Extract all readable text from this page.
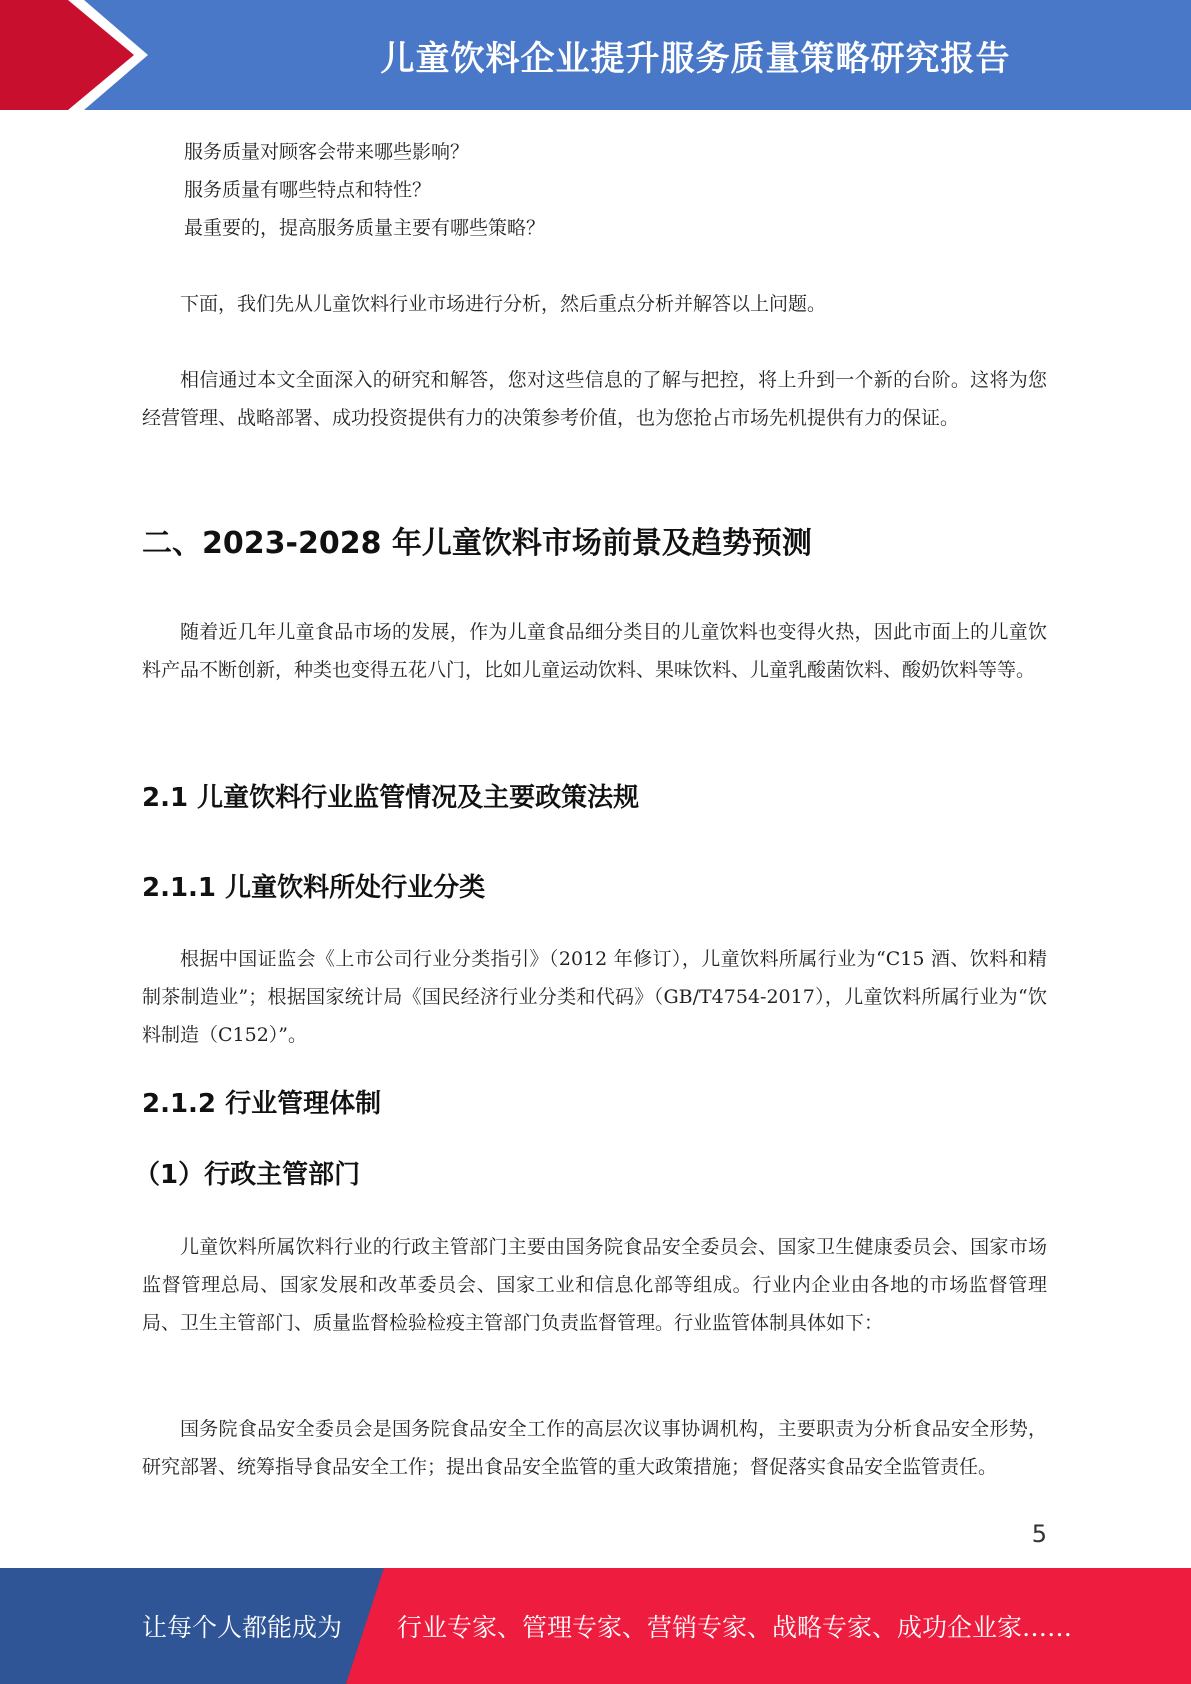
儿童饮料企业提升服务质量策略研究报告
服务质量对顾客会带来哪些影响？
服务质量有哪些特点和特性？
最重要的，提高服务质量主要有哪些策略？
下面，我们先从儿童饮料行业市场进行分析，然后重点分析并解答以上问题。
相信通过本文全面深入的研究和解答，您对这些信息的了解与把控，将上升到一个新的台阶。这将为您经营管理、战略部署、成功投资提供有力的决策参考价值，也为您抢占市场先机提供有力的保证。
二、2023-2028 年儿童饮料市场前景及趋势预测
随着近几年儿童食品市场的发展，作为儿童食品细分类目的儿童饮料也变得火热，因此市面上的儿童饮料产品不断创新，种类也变得五花八门，比如儿童运动饮料、果味饮料、儿童乳酸菌饮料、酸奶饮料等等。
2.1 儿童饮料行业监管情况及主要政策法规
2.1.1 儿童饮料所处行业分类
根据中国证监会《上市公司行业分类指引》（2012 年修订），儿童饮料所属行业为“C15 酒、饮料和精制茶制造业”；根据国家统计局《国民经济行业分类和代码》（GB/T4754-2017），儿童饮料所属行业为“饮料制造（C152）”。
2.1.2 行业管理体制
（1）行政主管部门
儿童饮料所属饮料行业的行政主管部门主要由国务院食品安全委员会、国家卫生健康委员会、国家市场监督管理总局、国家发展和改革委员会、国家工业和信息化部等组成。行业内企业由各地的市场监督管理局、卫生主管部门、质量监督检验检疫主管部门负责监督管理。行业监管体制具体如下：
国务院食品安全委员会是国务院食品安全工作的高层次议事协调机构，主要职责为分析食品安全形势，研究部署、统筹指导食品安全工作；提出食品安全监管的重大政策措施；督促落实食品安全监管责任。
5
让每个人都能成为 行业专家、管理专家、营销专家、战略专家、成功企业家……
